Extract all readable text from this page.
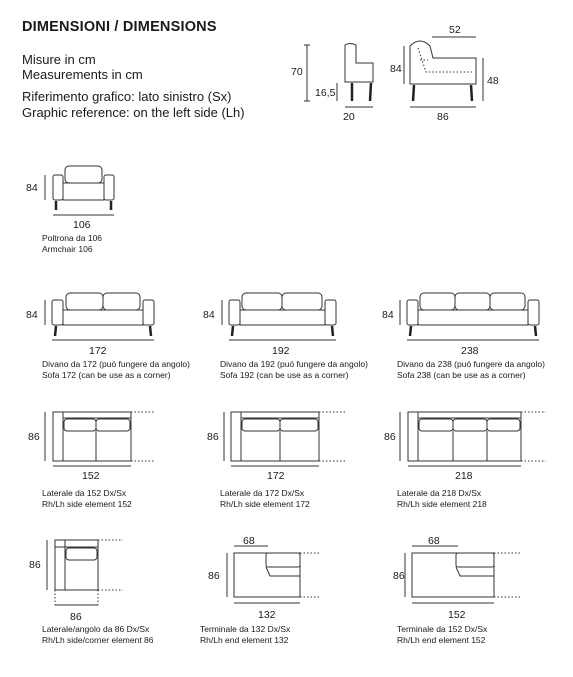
DIMENSIONI / DIMENSIONS
Misure in cm
Measurements in cm
Riferimento grafico: lato sinistro (Sx)
Graphic reference: on the left side (Lh)
70
16,5
20
52
84
48
86
84
106
84
172
84
192
84
238
86
152
86
172
86
218
86
86
68
86
132
68
86
152
Poltrona da 106
Armchair 106
Divano da 172 (puó fungere da angolo)
Sofa 172 (can be use as a corner)
Divano da 192 (puó fungere da angolo)
Sofa 192 (can be use as a corner)
Divano da 238 (puó fungere da angolo)
Sofa 238 (can be use as a corner)
Laterale da 152 Dx/Sx
Rh/Lh side element 152
Laterale da 172 Dx/Sx
Rh/Lh side element 172
Laterale da 218 Dx/Sx
Rh/Lh side element 218
Laterale/angolo da 86 Dx/Sx
Rh/Lh side/corner element 86
Terminale da 132 Dx/Sx
Rh/Lh end element 132
Terminale da 152 Dx/Sx
Rh/Lh end element 152
